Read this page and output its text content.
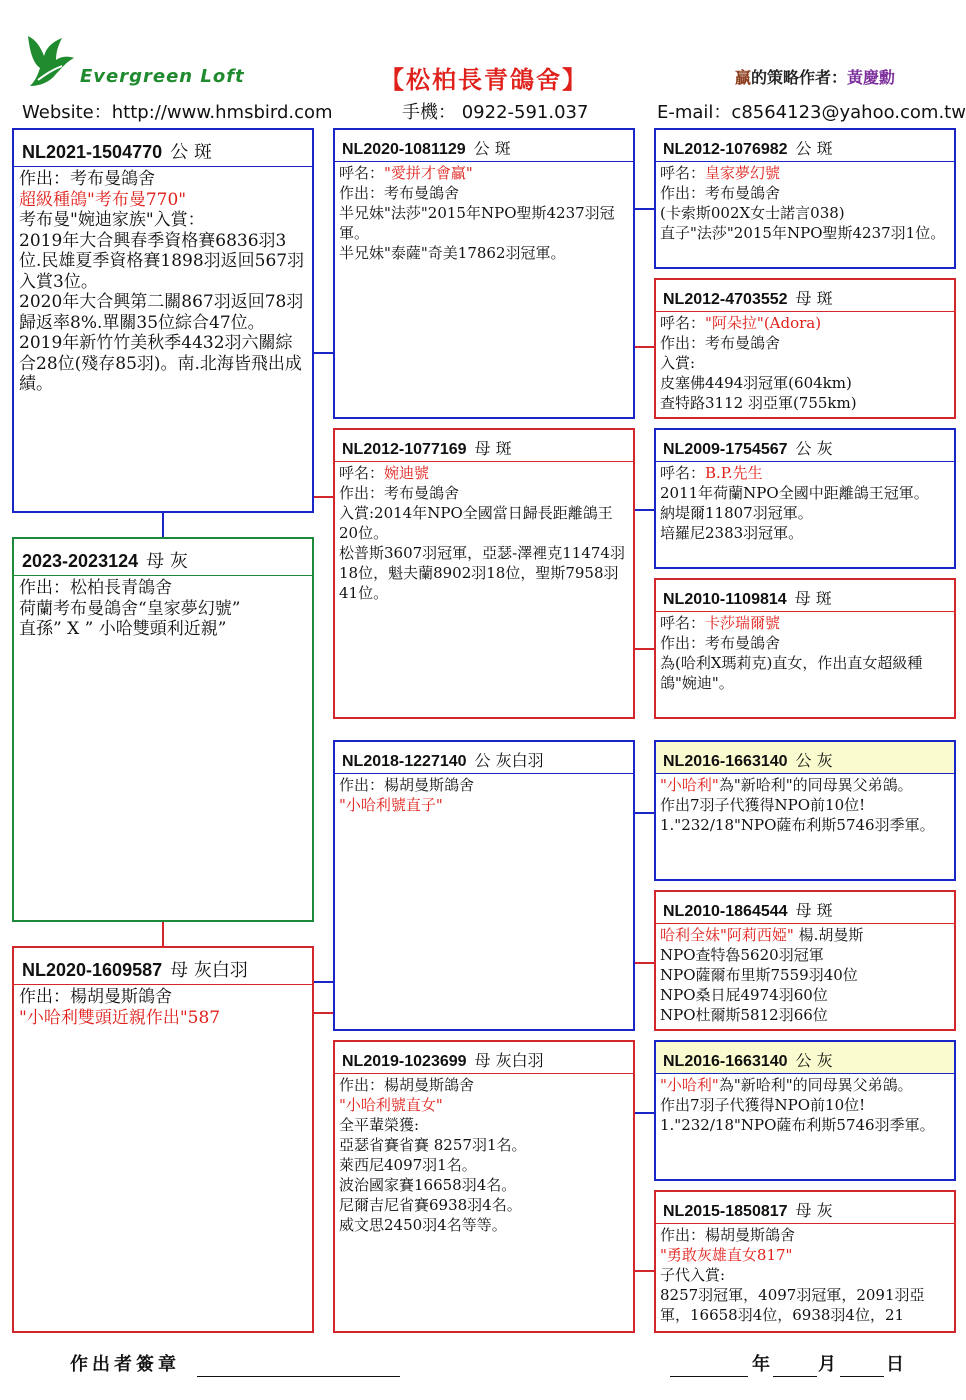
Evergreen Loft	【松柏長青鴿舍】	贏的策略作者：黃慶勳
Website：http://www.hmsbird.com	手機： 0922-591.037	E-mail：c8564123@yahoo.com.tw
NL2021-1504770 公 斑
作出：考布曼鴿舍
超級種鴿"考布曼770"
考布曼"婉迪家族"入賞：
2019年大合興春季資格賽6836羽3位.民雄夏季資格賽1898羽返回567羽入賞3位。
2020年大合興第二關867羽返回78羽歸返率8%.單關35位綜合47位。
2019年新竹竹美秋季4432羽六關綜合28位(殘存85羽)。南.北海皆飛出成績。
2023-2023124 母 灰
作出：松柏長青鴿舍
荷蘭考布曼鴿舍“皇家夢幻號”
直孫” X ” 小哈雙頭利近親”
NL2020-1609587 母 灰白羽
作出：楊胡曼斯鴿舍
"小哈利雙頭近親作出"587
NL2020-1081129 公 斑
呼名："愛拼才會贏"
作出：考布曼鴿舍
半兄妹"法莎"2015年NPO聖斯4237羽冠軍。
半兄妹"泰薩"奇美17862羽冠軍。
NL2012-1077169 母 斑
呼名：婉迪號
作出：考布曼鴿舍
入賞:2014年NPO全國當日歸長距離鴿王20位。
松普斯3607羽冠軍，亞瑟-澤裡克11474羽18位，魁夫蘭8902羽18位，聖斯7958羽41位。
NL2018-1227140 公 灰白羽
作出：楊胡曼斯鴿舍
"小哈利號直子"
NL2019-1023699 母 灰白羽
作出：楊胡曼斯鴿舍
"小哈利號直女"
全平輩榮獲:
亞瑟省賽省賽 8257羽1名。
萊西尼4097羽1名。
波治國家賽16658羽4名。
尼爾吉尼省賽6938羽4名。
威文思2450羽4名等等。
NL2012-1076982 公 斑
呼名：皇家夢幻號
作出：考布曼鴿舍
(卡索斯002X女士諾言038)
直子"法莎"2015年NPO聖斯4237羽1位。
NL2012-4703552 母 斑
呼名："阿朵拉"(Adora)
作出：考布曼鴿舍
入賞:
皮塞佛4494羽冠軍(604km)
查特路3112 羽亞軍(755km)
NL2009-1754567 公 灰
呼名：B.P.先生
2011年荷蘭NPO全國中距離鴿王冠軍。
納堤爾11807羽冠軍。
培羅尼2383羽冠軍。
NL2010-1109814 母 斑
呼名：卡莎瑞爾號
作出：考布曼鴿舍
為(哈利X瑪莉克)直女，作出直女超級種鴿"婉迪"。
NL2016-1663140 公 灰
"小哈利"為"新哈利"的同母異父弟鴿。
作出7羽子代獲得NPO前10位!
1."232/18"NPO薩布利斯5746羽季軍。
NL2010-1864544 母 斑
哈利全妹"阿莉西婭" 楊.胡曼斯
NPO查特魯5620羽冠軍
NPO薩爾布里斯7559羽40位
NPO桑日屁4974羽60位
NPO杜爾斯5812羽66位
NL2016-1663140 公 灰
"小哈利"為"新哈利"的同母異父弟鴿。
作出7羽子代獲得NPO前10位!
1."232/18"NPO薩布利斯5746羽季軍。
NL2015-1850817 母 灰
作出：楊胡曼斯鴿舍
"勇敢灰雄直女817"
子代入賞:
8257羽冠軍，4097羽冠軍，2091羽亞軍，16658羽4位，6938羽4位，21
作出者簽章	年	月	日
